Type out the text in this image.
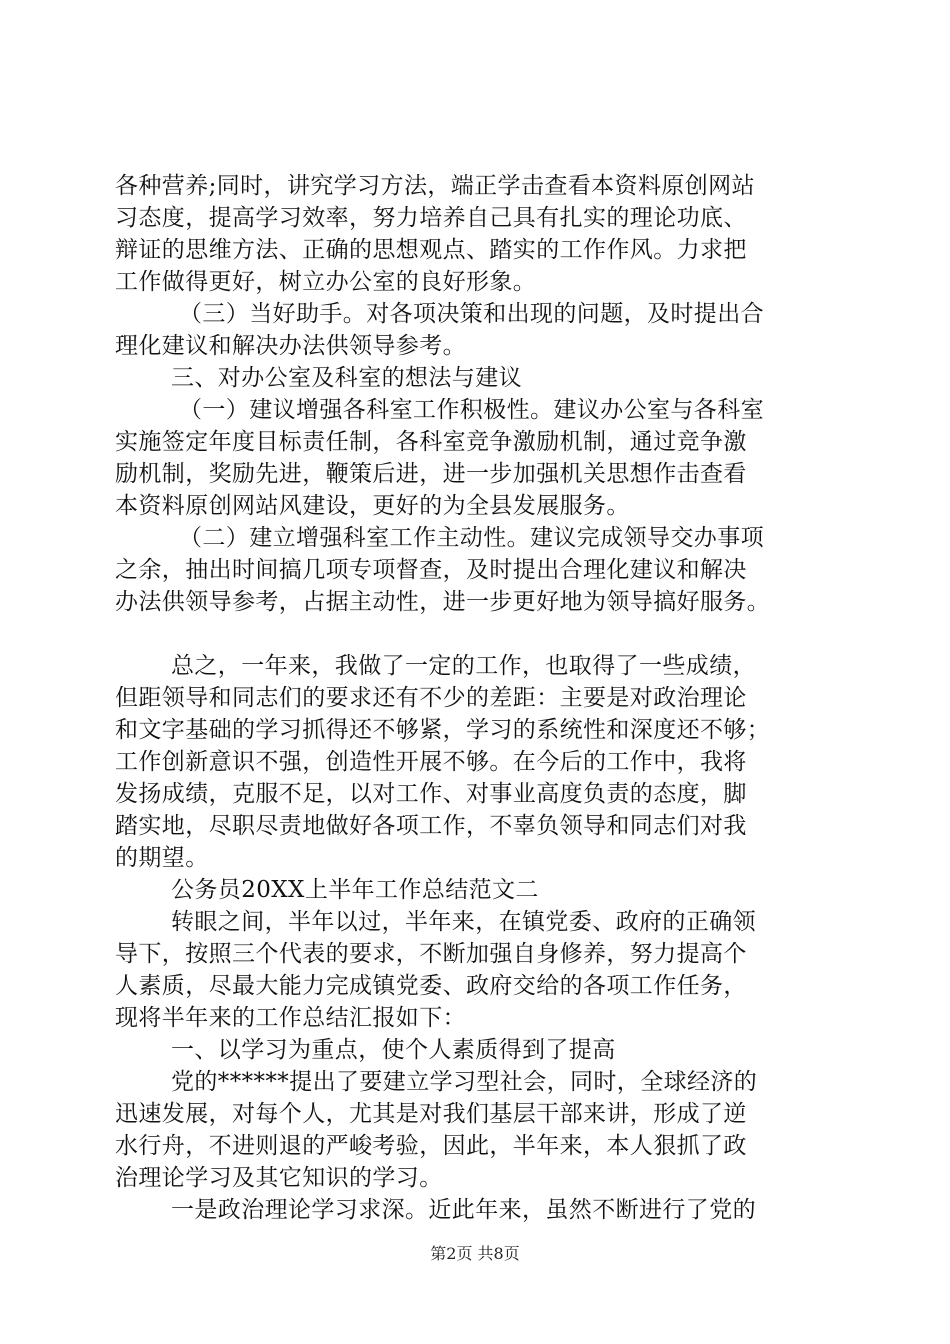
各种营养;同时，讲究学习方法，端正学击查看本资料原创网站
习态度，提高学习效率，努力培养自己具有扎实的理论功底、
辩证的思维方法、正确的思想观点、踏实的工作作风。力求把
工作做得更好，树立办公室的良好形象。
（三）当好助手。对各项决策和出现的问题，及时提出合
理化建议和解决办法供领导参考。
三、对办公室及科室的想法与建议
（一）建议增强各科室工作积极性。建议办公室与各科室
实施签定年度目标责任制，各科室竞争激励机制，通过竞争激
励机制，奖励先进，鞭策后进，进一步加强机关思想作击查看
本资料原创网站风建设，更好的为全县发展服务。
（二）建立增强科室工作主动性。建议完成领导交办事项
之余，抽出时间搞几项专项督查，及时提出合理化建议和解决
办法供领导参考，占据主动性，进一步更好地为领导搞好服务。
总之，一年来，我做了一定的工作，也取得了一些成绩，
但距领导和同志们的要求还有不少的差距：主要是对政治理论
和文字基础的学习抓得还不够紧，学习的系统性和深度还不够；
工作创新意识不强，创造性开展不够。在今后的工作中，我将
发扬成绩，克服不足，以对工作、对事业高度负责的态度，脚
踏实地，尽职尽责地做好各项工作，不辜负领导和同志们对我
的期望。
公务员20XX上半年工作总结范文二
转眼之间，半年以过，半年来，在镇党委、政府的正确领
导下，按照三个代表的要求，不断加强自身修养，努力提高个
人素质，尽最大能力完成镇党委、政府交给的各项工作任务，
现将半年来的工作总结汇报如下：
一、以学习为重点，使个人素质得到了提高
党的******提出了要建立学习型社会，同时，全球经济的
迅速发展，对每个人，尤其是对我们基层干部来讲，形成了逆
水行舟，不进则退的严峻考验，因此，半年来，本人狠抓了政
治理论学习及其它知识的学习。
一是政治理论学习求深。近此年来，虽然不断进行了党的
第2页 共8页
